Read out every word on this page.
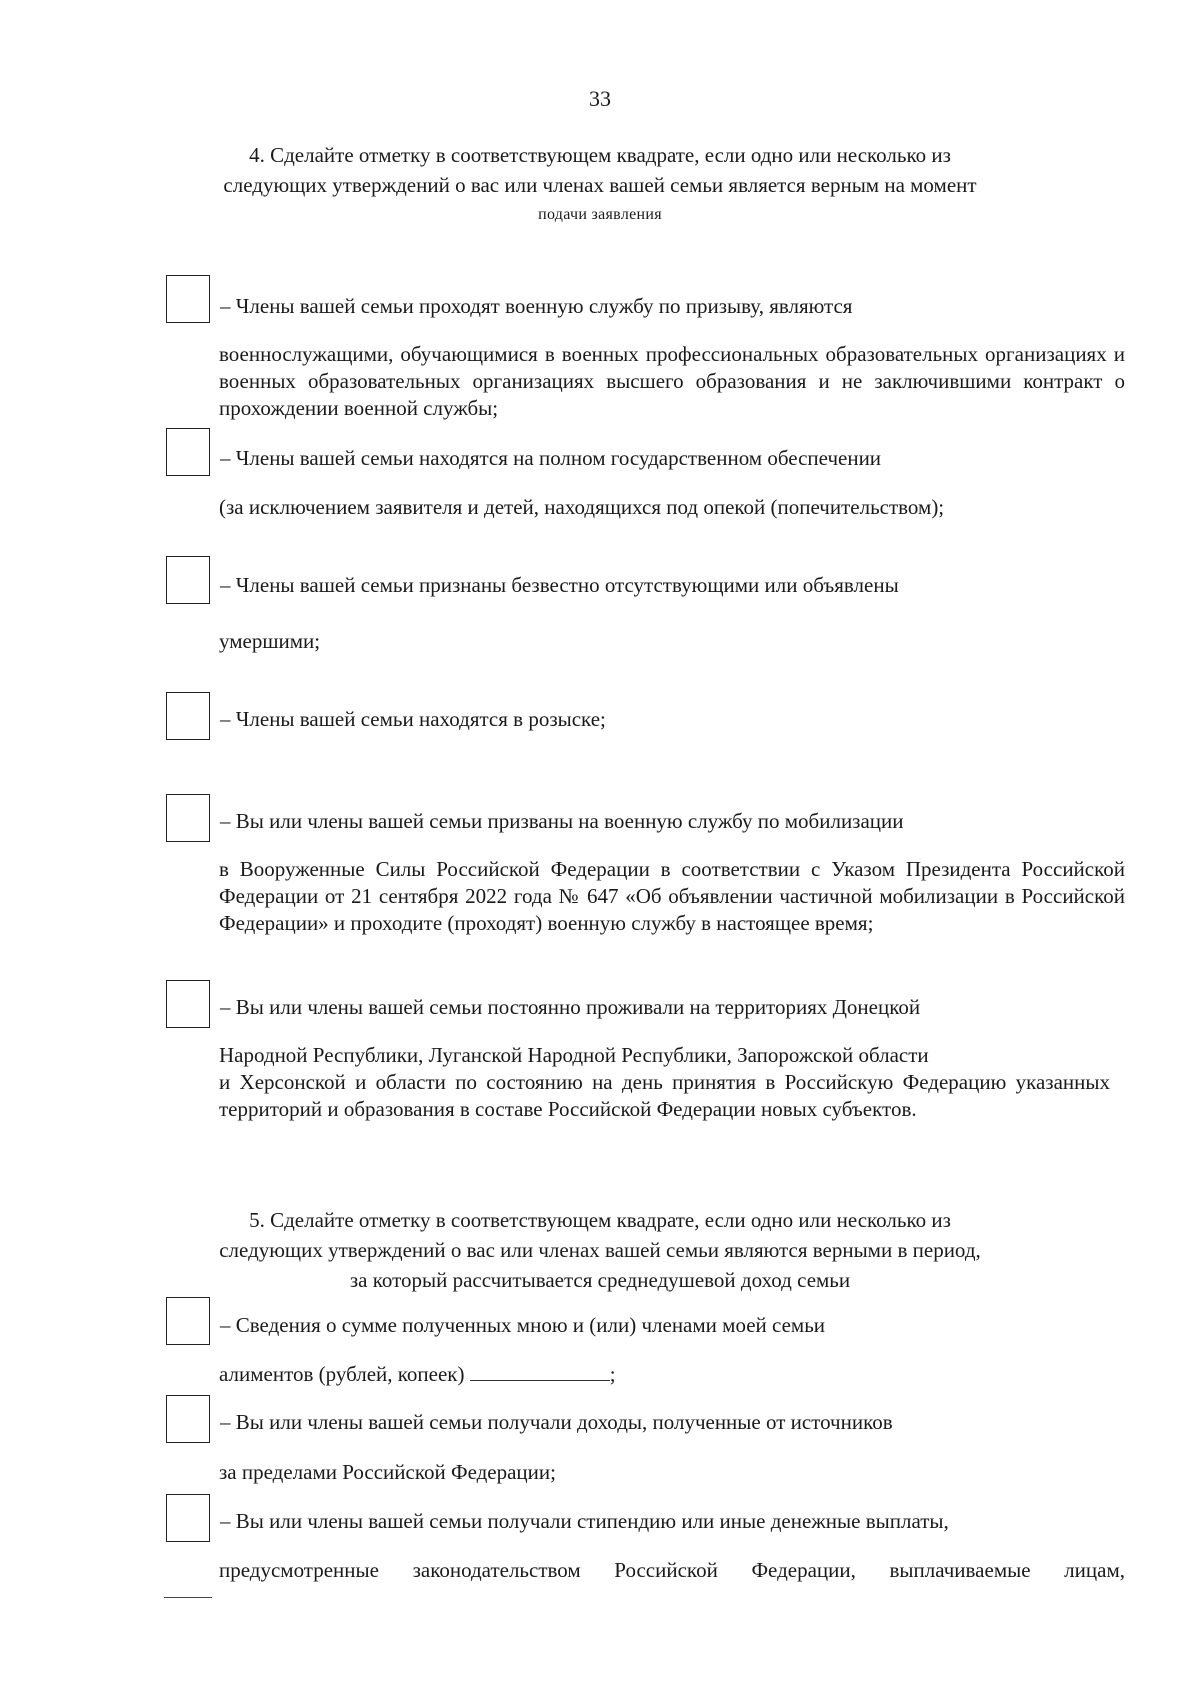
33
4. Сделайте отметку в соответствующем квадрате, если одно или несколько из
следующих утверждений о вас или членах вашей семьи является верным на момент
подачи заявления
– Члены вашей семьи проходят военную службу по призыву, являются
военнослужащими, обучающимися в военных профессиональных образовательных организациях и военных образовательных организациях высшего образования и не заключившими контракт о прохождении военной службы;
– Члены вашей семьи находятся на полном государственном обеспечении
(за исключением заявителя и детей, находящихся под опекой (попечительством);
– Члены вашей семьи признаны безвестно отсутствующими или объявлены
умершими;
– Члены вашей семьи находятся в розыске;
– Вы или члены вашей семьи призваны на военную службу по мобилизации
в Вооруженные Силы Российской Федерации в соответствии с Указом Президента Российской Федерации от 21 сентября 2022 года № 647 «Об объявлении частичной мобилизации в Российской Федерации» и проходите (проходят) военную службу в настоящее время;
– Вы или члены вашей семьи постоянно проживали на территориях Донецкой
Народной Республики, Луганской Народной Республики, Запорожской области
и Херсонской и области по состоянию на день принятия в Российскую Федерацию указанных территорий и образования в составе Российской Федерации новых субъектов.
5. Сделайте отметку в соответствующем квадрате, если одно или несколько из
следующих утверждений о вас или членах вашей семьи являются верными в период,
за который рассчитывается среднедушевой доход семьи
– Сведения о сумме полученных мною и (или) членами моей семьи
алиментов (рублей, копеек)	;
– Вы или члены вашей семьи получали доходы, полученные от источников
за пределами Российской Федерации;
– Вы или члены вашей семьи получали стипендию или иные денежные выплаты,
предусмотренные законодательством Российской Федерации, выплачиваемые лицам,
